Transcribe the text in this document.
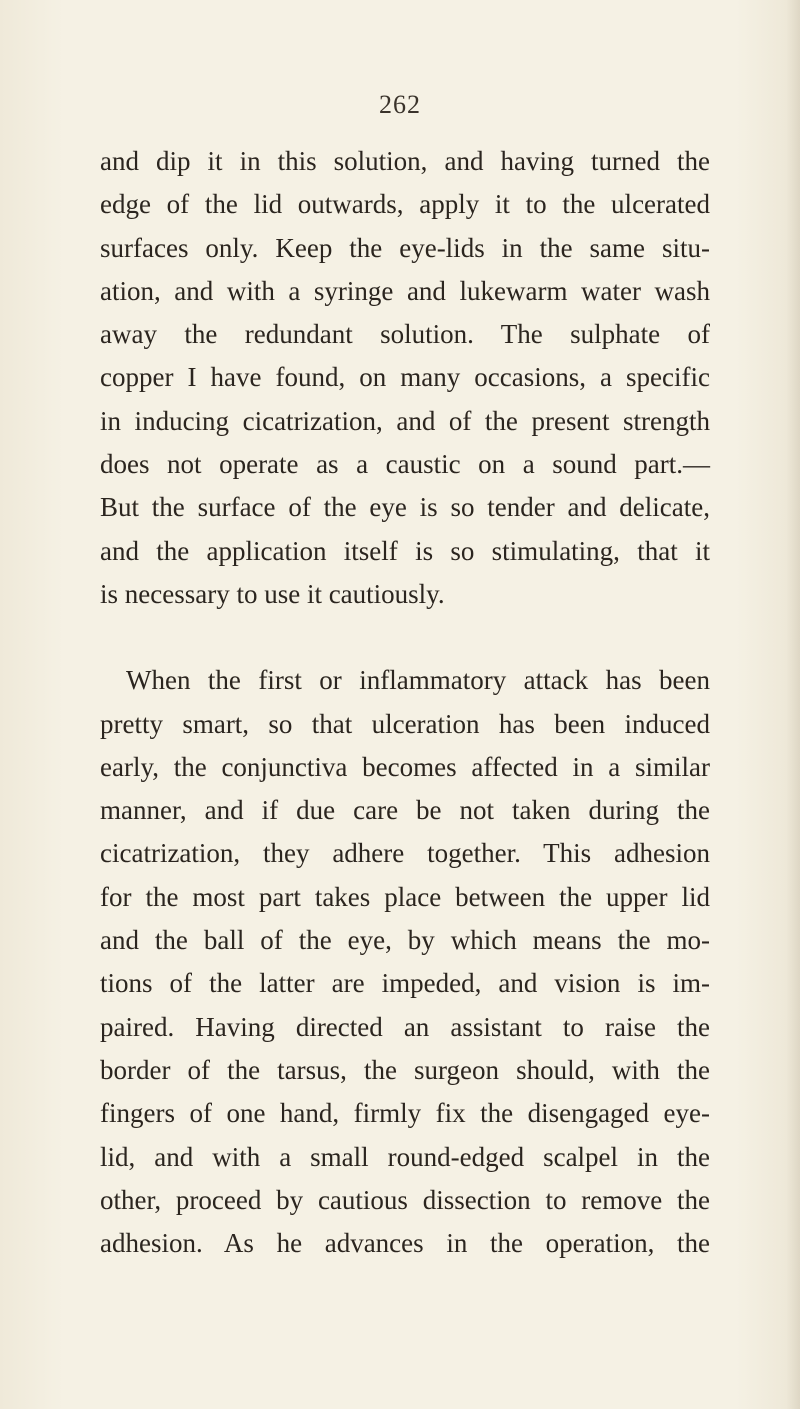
262
and dip it in this solution, and having turned the
edge of the lid outwards, apply it to the ulcerated
surfaces only. Keep the eye-lids in the same situ-
ation, and with a syringe and lukewarm water wash
away the redundant solution. The sulphate of
copper I have found, on many occasions, a specific
in inducing cicatrization, and of the present strength
does not operate as a caustic on a sound part.—
But the surface of the eye is so tender and delicate,
and the application itself is so stimulating, that it
is necessary to use it cautiously.
When the first or inflammatory attack has been
pretty smart, so that ulceration has been induced
early, the conjunctiva becomes affected in a similar
manner, and if due care be not taken during the
cicatrization, they adhere together. This adhesion
for the most part takes place between the upper lid
and the ball of the eye, by which means the mo-
tions of the latter are impeded, and vision is im-
paired. Having directed an assistant to raise the
border of the tarsus, the surgeon should, with the
fingers of one hand, firmly fix the disengaged eye-
lid, and with a small round-edged scalpel in the
other, proceed by cautious dissection to remove the
adhesion. As he advances in the operation, the
